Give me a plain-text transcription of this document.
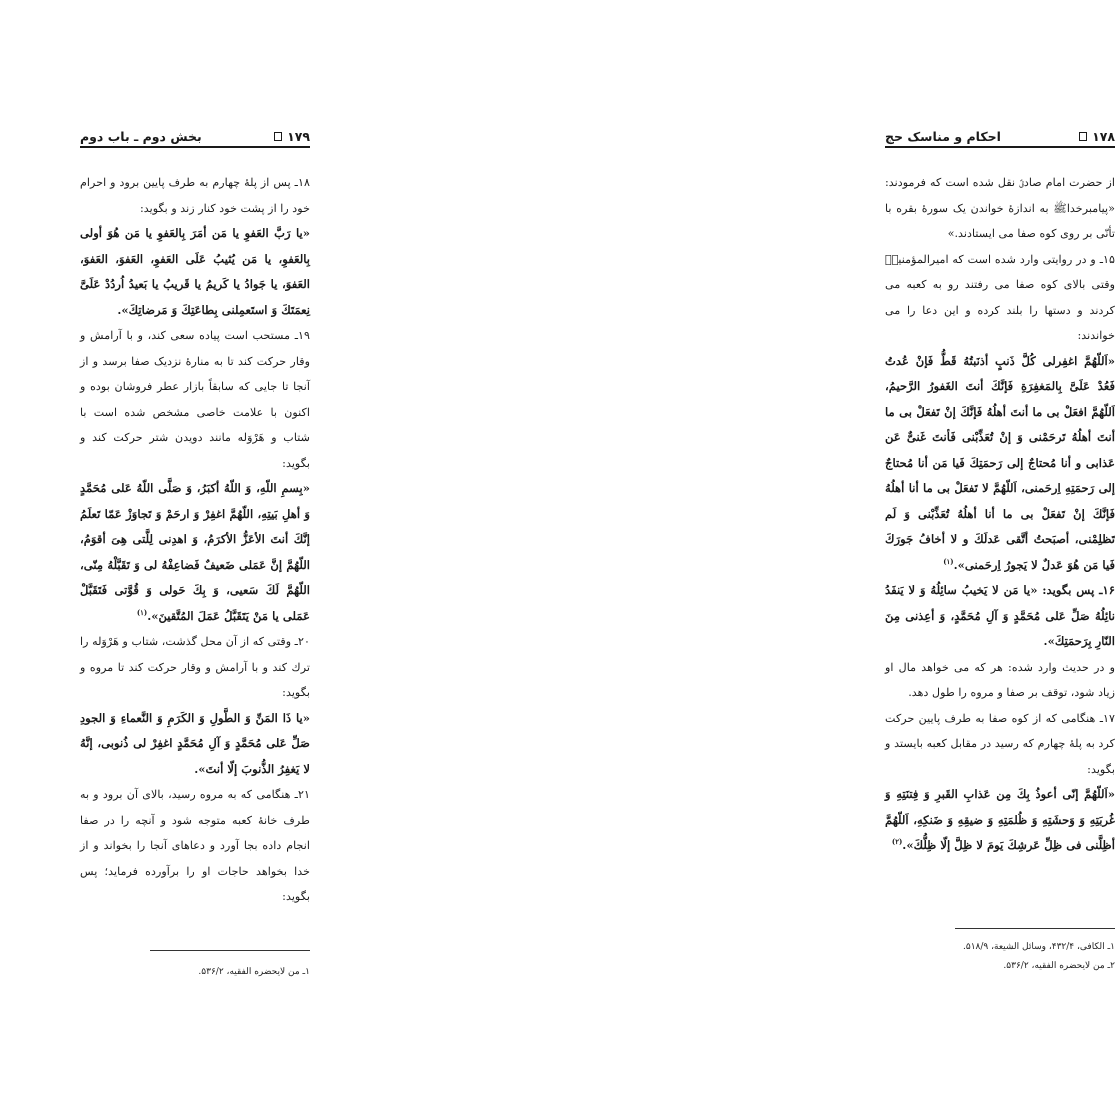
۱۷۹
بخش دوم ـ باب دوم

۱۸ـ پس از پلۀ چهارم به طرف پایین برود و احرام خود را از پشت خود کنار زند و بگوید:

«یا رَبَّ العَفوِ یا مَن أمَرَ بِالعَفوِ یا مَن هُوَ أولی بِالعَفوِ، یا مَن یُثیبُ عَلَی العَفوِ، العَفوَ، العَفوَ، العَفوَ، یا جَوادُ یا کَریمُ یا قَریبُ یا بَعیدُ اُردُدْ عَلَیَّ نِعمَتَكَ وَ استَعمِلنی بِطاعَتِكَ وَ مَرضاتِكَ».

۱۹ـ مستحب است پیاده سعی کند، و با آرامش و وقار حرکت کند تا به منارۀ نزدیک صفا برسد و از آنجا تا جایی که سابقاً بازار عطر فروشان بوده و اکنون با علامت خاصی مشخص شده است با شتاب و هَرْوَله مانند دویدن شتر حرکت کند و بگوید:

«بِسمِ اللّهِ، وَ اللّهُ أکبَرُ، وَ صَلَّی اللّهُ عَلی مُحَمَّدٍ وَ أهلِ بَیتِهِ، اللّهُمَّ اغفِرْ وَ ارحَمْ وَ تَجاوَزْ عَمّا تَعلَمُ إنَّكَ أنتَ الأعَزُّ الأکرَمُ، وَ اهدِنی لِلَّتی هِیَ أقوَمُ، اللّهُمَّ إنَّ عَمَلی ضَعیفٌ فَضاعِفْهُ لی وَ تَقَبَّلْهُ مِنّی، اللّهُمَّ لَكَ سَعیی، وَ بِكَ حَولی وَ قُوَّتی فَتَقَبَّلْ عَمَلی یا مَنْ یَتَقَبَّلُ عَمَلَ المُتَّقینَ».$^{(۱)}$

۲۰ـ وقتی که از آن محل گذشت، شتاب و هَرْوَله را ترك كند و با آرامش و وقار حرکت کند تا مروه و بگوید:

«یا ذَا المَنِّ وَ الطَّولِ وَ الکَرَمِ وَ النَّعماءِ وَ الجودِ صَلِّ عَلی مُحَمَّدٍ وَ آلِ مُحَمَّدٍ اغفِرْ لی ذُنوبی، إنَّهُ لا یَغفِرُ الذُّنوبَ إلّا أنتَ».

۲۱ـ هنگامی که به مروه رسید، بالای آن برود و به طرف خانۀ کعبه متوجه شود و آنچه را در صفا انجام داده بجا آورد و دعاهای آنجا را بخواند و از خدا بخواهد حاجات او را برآورده فرماید؛ پس بگوید:

۱ـ من لایحضره الفقیه، ۵۳۶/۲.
۱۷۸
احکام و مناسک حج

از حضرت امام صادقؑ نقل شده است که فرمودند: «پیامبرخداﷺ به اندازۀ خواندن یک سورۀ بقره با تأنّی بر روی کوه صفا می ایستادند.»

۱۵ـ و در روایتی وارد شده است که امیرالمؤمنینؑ وقتی بالای کوه صفا می رفتند رو به کعبه می کردند و دستها را بلند کرده و این دعا را می خواندند:

«اَللّهُمَّ اغفِرلی کُلَّ ذَنبٍ أذنَبتُهُ قَطُّ فَإنْ عُدتُ فَعُدْ عَلَیَّ بِالمَغفِرَةِ فَإنَّكَ أنتَ الغَفورُ الرَّحیمُ، اَللّهُمَّ افعَلْ بی ما أنتَ أهلُهُ فَإنَّكَ إنْ تَفعَلْ بی ما أنتَ أهلُهُ تَرحَمْنی وَ إنْ تُعَذِّبْنی فَأنتَ غَنیٌّ عَن عَذابی و أنا مُحتاجٌ إلی رَحمَتِكَ فَیا مَن أنا مُحتاجٌ إلی رَحمَتِهِ اِرحَمنی، اَللّهُمَّ لا تَفعَلْ بی ما أنا أهلُهُ فَإنَّكَ إنْ تَفعَلْ بی ما أنا أهلُهُ تُعَذِّبْنی وَ لَم تَظلِمْنی، أصبَحتُ أتَّقی عَدلَكَ و لا أخافُ جَورَكَ فَیا مَن هُوَ عَدلٌ لا یَجورُ اِرحَمنی».$^{(۱)}$

۱۶ـ پس بگوید: «یا مَن لا یَخیبُ سائِلُهُ وَ لا یَنفَدُ نائِلُهُ صَلِّ عَلی مُحَمَّدٍ وَ آلِ مُحَمَّدٍ، وَ أعِذنی مِنَ النّارِ بِرَحمَتِكَ».

و در حدیث وارد شده: هر که می خواهد مال او زیاد شود، توقف بر صفا و مروه را طول دهد.

۱۷ـ هنگامی که از کوه صفا به طرف پایین حرکت کرد به پلۀ چهارم که رسید در مقابل کعبه بایستد و بگوید:

«اَللّهُمَّ إنّی أعوذُ بِكَ مِن عَذابِ القَبرِ وَ فِتنَتِهِ وَ غُربَتِهِ وَ وَحشَتِهِ وَ ظُلمَتِهِ وَ ضیقِهِ وَ ضَنکِهِ، اَللّهُمَّ أظِلَّنی فی ظِلِّ عَرشِكَ یَومَ لا ظِلَّ إلّا ظِلُّكَ».$^{(۲)}$

۱ـ الکافی، ۴۳۲/۴، وسائل الشیعة، ۵۱۸/۹.
۲ـ من لایحضره الفقیه، ۵۳۶/۲.
